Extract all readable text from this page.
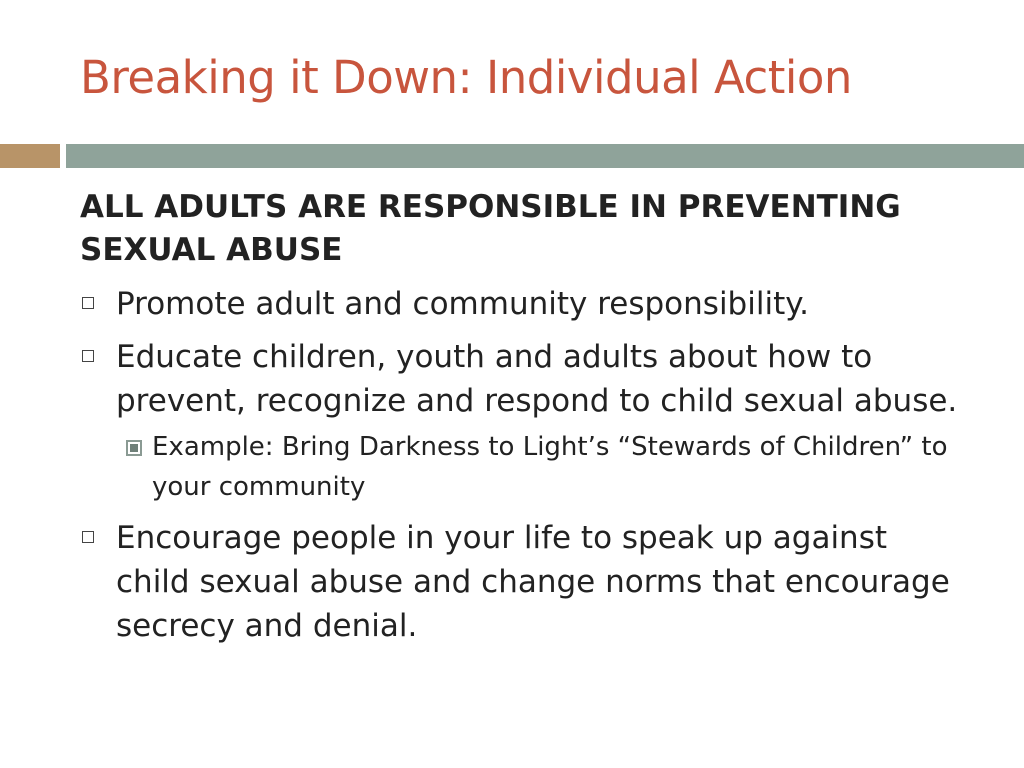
Breaking it Down: Individual Action
ALL ADULTS ARE RESPONSIBLE IN PREVENTING
SEXUAL ABUSE
Promote adult and community responsibility.
Educate children, youth and adults about how to prevent, recognize and respond to child sexual abuse.
Example: Bring Darkness to Light’s “Stewards of Children” to your community
Encourage people in your life to speak up against child sexual abuse and change norms that encourage secrecy and denial.
